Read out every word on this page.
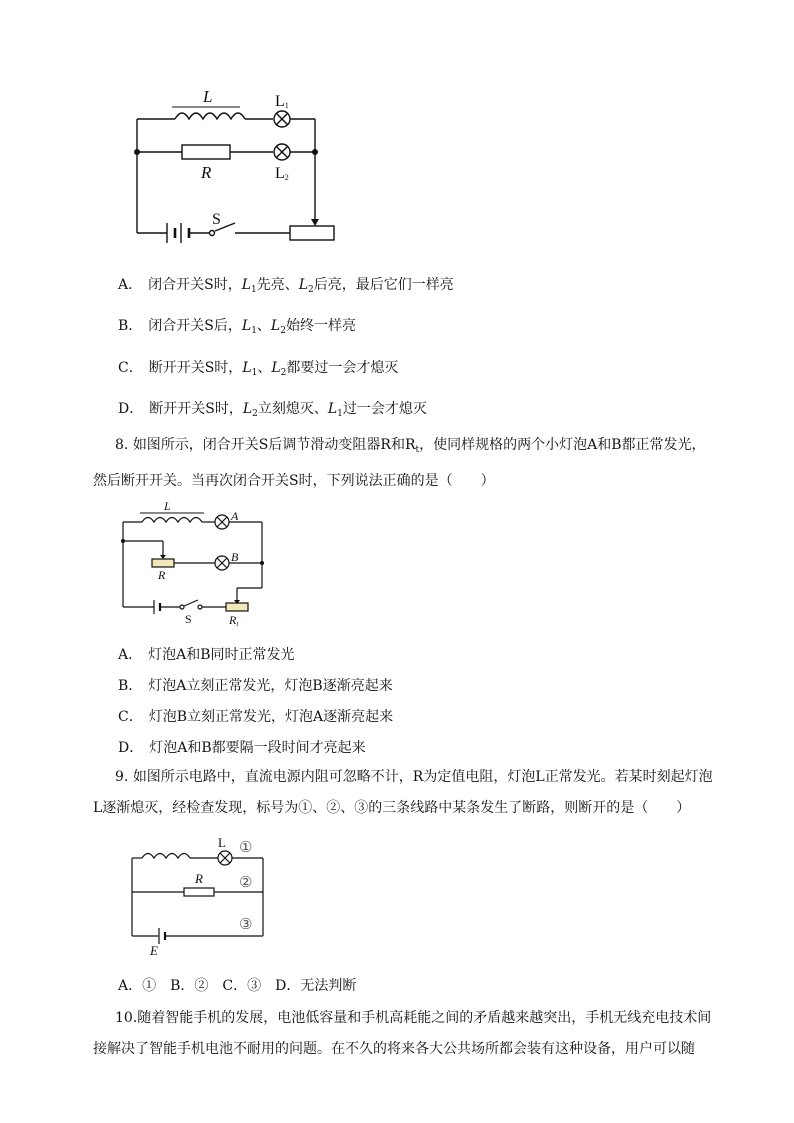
L	L1
R	L2
S
A． 闭合开关S时，$L_1$先亮、$L_2$后亮，最后它们一样亮
B． 闭合开关S后，$L_1$、$L_2$始终一样亮
C． 断开开关S时，$L_1$、$L_2$都要过一会才熄灭
D． 断开开关S时，$L_2$立刻熄灭、$L_1$过一会才熄灭
8. 如图所示，闭合开关S后调节滑动变阻器R和$R_t$，使同样规格的两个小灯泡A和B都正常发光，然后断开开关。当再次闭合开关S时，下列说法正确的是（　　）
L
A
R
B
S	Rt
A． 灯泡A和B同时正常发光
B． 灯泡A立刻正常发光，灯泡B逐渐亮起来
C． 灯泡B立刻正常发光，灯泡A逐渐亮起来
D． 灯泡A和B都要隔一段时间才亮起来
9. 如图所示电路中，直流电源内阻可忽略不计，R为定值电阻，灯泡L正常发光。若某时刻起灯泡L逐渐熄灭，经检查发现，标号为①、②、③的三条线路中某条发生了断路，则断开的是（　　）
L ①
R ②
③
E
A．①　B．②　C．③　D．无法判断
10.随着智能手机的发展，电池低容量和手机高耗能之间的矛盾越来越突出，手机无线充电技术间接解决了智能手机电池不耐用的问题。在不久的将来各大公共场所都会装有这种设备，用户可以随
